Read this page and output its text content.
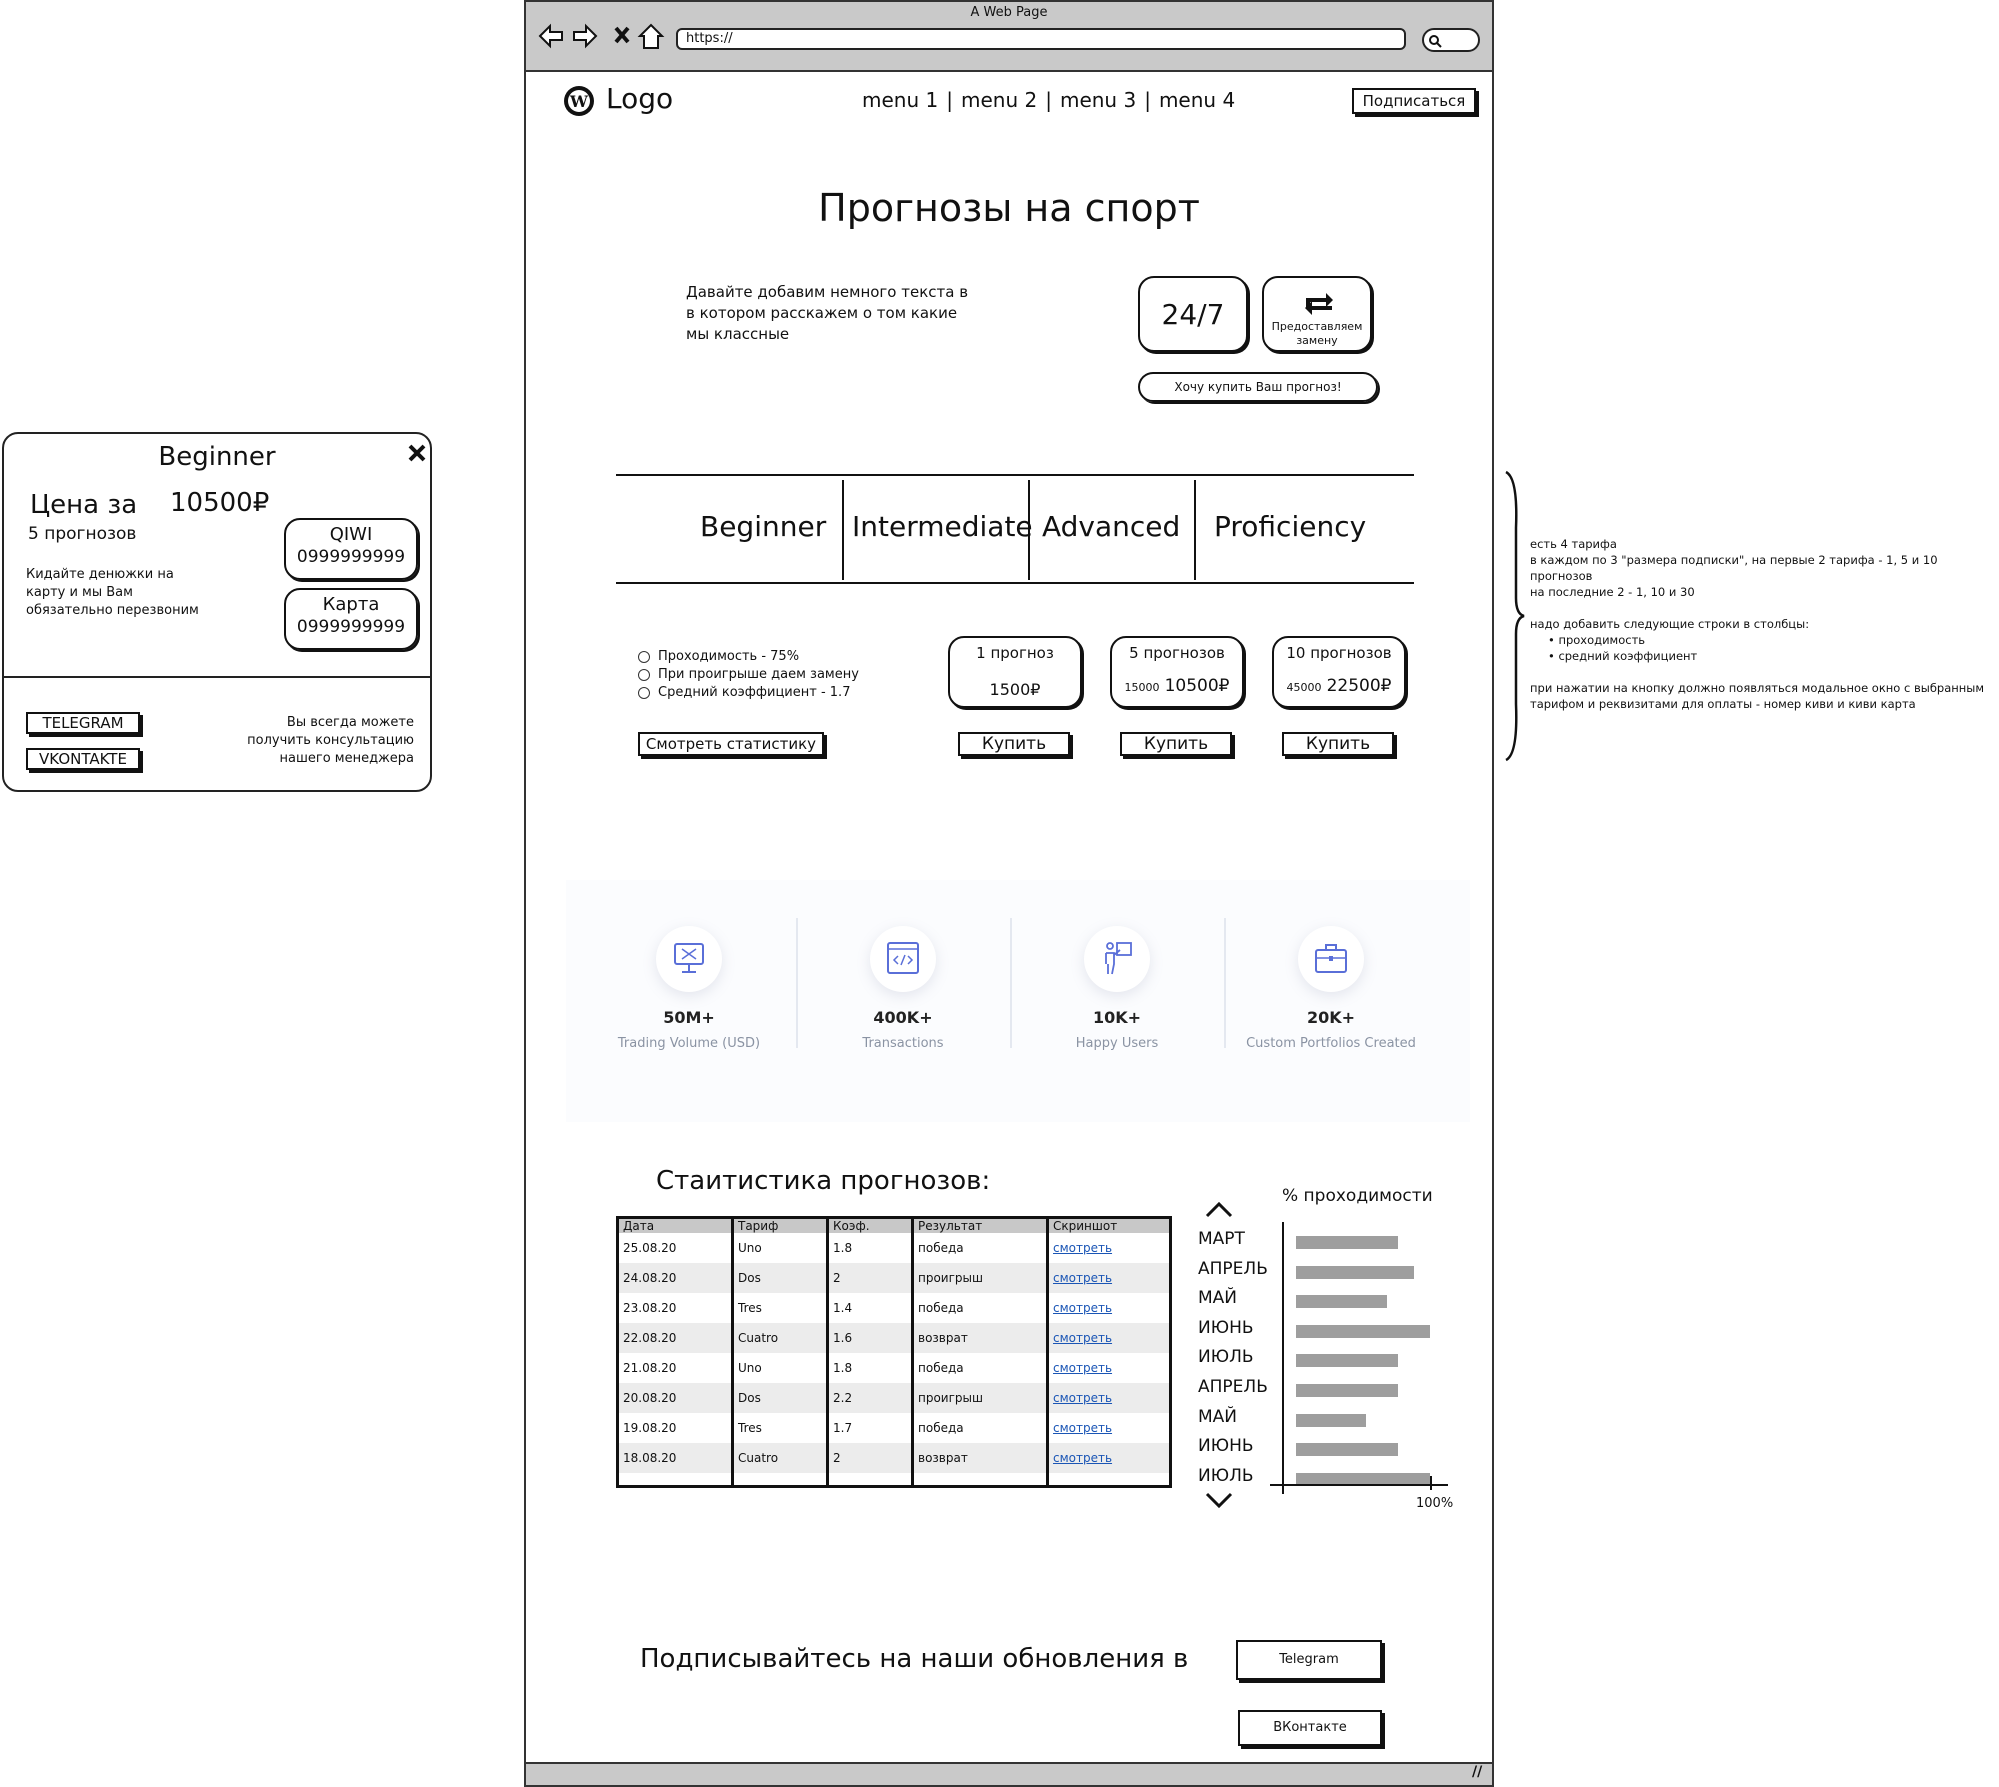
A Web Page
https://
//
W Logo	menu 1 | menu 2 | menu 3 | menu 4	Подписаться
Прогнозы на спорт
Давайте добавим немного текста в в котором расскажем о том какие мы классные
24/7	Предоставляем замену
Хочу купить Ваш прогноз!
Beginner Intermediate Advanced Proficiency
Проходимость - 75%
При проигрыше даем замену
Средний коэффициент - 1.7
Смотреть статистику
1 прогноз
1500₽
5 прогнозов
15000 10500₽
10 прогнозов
45000 22500₽
Купить	Купить	Купить
50M+	400K+	10K+	20K+
Trading Volume (USD)	Transactions	Happy Users	Custom Portfolios Created
Стаитистика прогнозов:
Дата	Тариф	Коэф.	Результат	Скриншот
25.08.20	Uno	1.8	победа	смотреть
24.08.20	Dos	2	проигрыш	смотреть
23.08.20	Tres	1.4	победа	смотреть
22.08.20	Cuatro	1.6	возврат	смотреть
21.08.20	Uno	1.8	победа	смотреть
20.08.20	Dos	2.2	проигрыш	смотреть
19.08.20	Tres	1.7	победа	смотреть
18.08.20	Cuatro	2	возврат	смотреть

% проходимости
МАРТ
АПРЕЛЬ
МАЙ
ИЮНЬ
ИЮЛЬ
АПРЕЛЬ
МАЙ
ИЮНЬ
ИЮЛЬ
100%
Подписывайтесь на наши обновления в	Telegram
ВКонтакте
Beginner
Цена за 10500₽
5 прогнозов
Кидайте денюжки на карту и мы Вам обязательно перезвоним
QIWI
0999999999
Карта
0999999999
TELEGRAM
VKONTAKTE
Вы всегда можете получить консультацию нашего менеджера
есть 4 тарифа
в каждом по 3 "размера подписки", на первые 2 тарифа - 1, 5 и 10 прогнозов
на последние 2 - 1, 10 и 30
надо добавить следующие строки в столбцы:
• проходимость
• средний коэффициент
при нажатии на кнопку должно появляться модальное окно с выбранным
тарифом и реквизитами для оплаты - номер киви и киви карта
